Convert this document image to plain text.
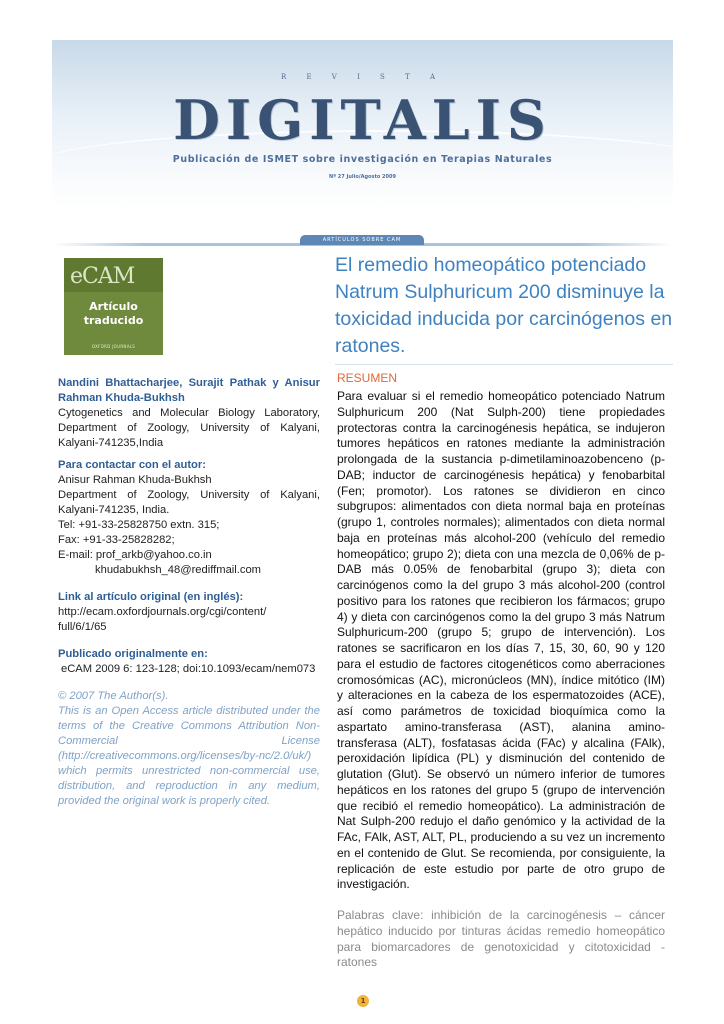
R E V I S T A
DIGITALIS
Publicación de ISMET sobre investigación en Terapias Naturales
Nº 27 Julio/Agosto 2009
ARTÍCULOS SOBRE CAM
eCAM
Artículo
traducido
OXFORD JOURNALS
El remedio homeopático potenciado Natrum Sulphuricum 200 disminuye la toxicidad inducida por carcinógenos en ratones.

Nandini Bhattacharjee, Surajit Pathak y Anisur Rahman Khuda-Bukhsh

Cytogenetics and Molecular Biology Laboratory, Department of Zoology, University of Kalyani, Kalyani-741235,India

Para contactar con el autor:

Anisur Rahman Khuda-Bukhsh

Department of Zoology, University of Kalyani, Kalyani-741235, India.

Tel: +91-33-25828750 extn. 315;

Fax: +91-33-25828282;

E-mail: prof_arkb@yahoo.co.in

khudabukhsh_48@rediffmail.com

Link al artículo original (en inglés):

http://ecam.oxfordjournals.org/cgi/content/
full/6/1/65

Publicado originalmente en:

eCAM 2009 6: 123-128; doi:10.1093/ecam/nem073

© 2007 The Author(s).

This is an Open Access article distributed under the terms of the Creative Commons Attribution Non-Commercial License (http://creativecommons.org/licenses/by-nc/2.0/uk/) which permits unrestricted non-commercial use, distribution, and reproduction in any medium, provided the original work is properly cited.

RESUMEN

Para evaluar si el remedio homeopático potenciado Natrum Sulphuricum 200 (Nat Sulph-200) tiene propiedades protectoras contra la carcinogénesis hepática, se indujeron tumores hepáticos en ratones mediante la administración prolongada de la sustancia p-dimetilaminoazobenceno (p-DAB; inductor de carcinogénesis hepática) y fenobarbital (Fen; promotor). Los ratones se dividieron en cinco subgrupos: alimentados con dieta normal baja en proteínas (grupo 1, controles normales); alimentados con dieta normal baja en proteínas más alcohol-200 (vehículo del remedio homeopático; grupo 2); dieta con una mezcla de 0,06% de p-DAB más 0.05% de fenobarbital (grupo 3); dieta con carcinógenos como la del grupo 3 más alcohol-200 (control positivo para los ratones que recibieron los fármacos; grupo 4) y dieta con carcinógenos como la del grupo 3 más Natrum Sulphuricum-200 (grupo 5; grupo de intervención). Los ratones se sacrificaron en los días 7, 15, 30, 60, 90 y 120 para el estudio de factores citogenéticos como aberraciones cromosómicas (AC), micronúcleos (MN), índice mitótico (IM) y alteraciones en la cabeza de los espermatozoides (ACE), así como parámetros de toxicidad bioquímica como la aspartato amino-transferasa (AST), alanina amino-transferasa (ALT), fosfatasas ácida (FAc) y alcalina (FAlk), peroxidación lipídica (PL) y disminución del contenido de glutation (Glut). Se observó un número inferior de tumores hepáticos en los ratones del grupo 5 (grupo de intervención que recibió el remedio homeopático). La administración de Nat Sulph-200 redujo el daño genómico y la actividad de la FAc, FAlk, AST, ALT, PL, produciendo a su vez un incremento en el contenido de Glut. Se recomienda, por consiguiente, la replicación de este estudio por parte de otro grupo de investigación.

Palabras clave: inhibición de la carcinogénesis – cáncer hepático inducido por tinturas ácidas remedio homeopático para biomarcadores de genotoxicidad y citotoxicidad - ratones

1
